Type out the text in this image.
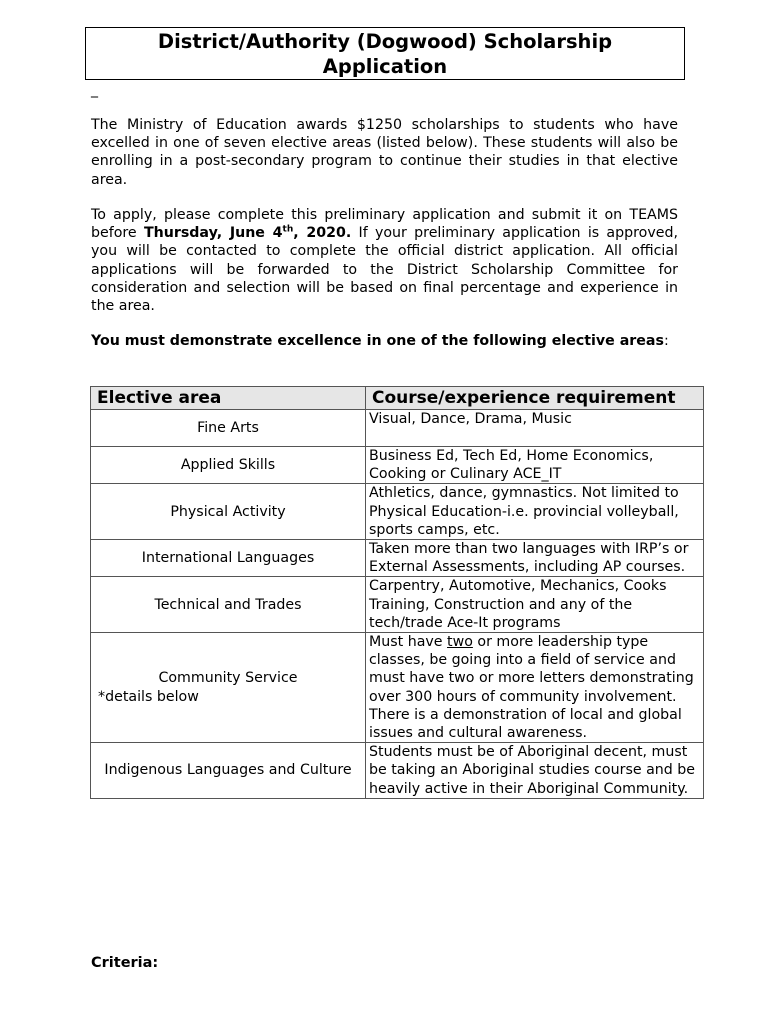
District/Authority (Dogwood) Scholarship
Application
_

The Ministry of Education awards $1250 scholarships to students who have excelled in one of seven elective areas (listed below). These students will also be enrolling in a post-secondary program to continue their studies in that elective area.

To apply, please complete this preliminary application and submit it on TEAMS before Thursday, June 4th, 2020. If your preliminary application is approved, you will be contacted to complete the official district application. All official applications will be forwarded to the District Scholarship Committee for consideration and selection will be based on final percentage and experience in the area.

You must demonstrate excellence in one of the following elective areas:

Elective area	Course/experience requirement
Fine Arts	Visual, Dance, Drama, Music
Applied Skills	Business Ed, Tech Ed, Home Economics, Cooking or Culinary ACE_IT
Physical Activity	Athletics, dance, gymnastics. Not limited to Physical Education-i.e. provincial volleyball, sports camps, etc.
International Languages	Taken more than two languages with IRP’s or External Assessments, including AP courses.
Technical and Trades	Carpentry, Automotive, Mechanics, Cooks Training, Construction and any of the tech/trade Ace-It programs

Community Service
*details below	Must have two or more leadership type classes, be going into a field of service and must have two or more letters demonstrating over 300 hours of community involvement. There is a demonstration of local and global issues and cultural awareness.
Indigenous Languages and Culture	Students must be of Aboriginal decent, must be taking an Aboriginal studies course and be heavily active in their Aboriginal Community.
Criteria:
